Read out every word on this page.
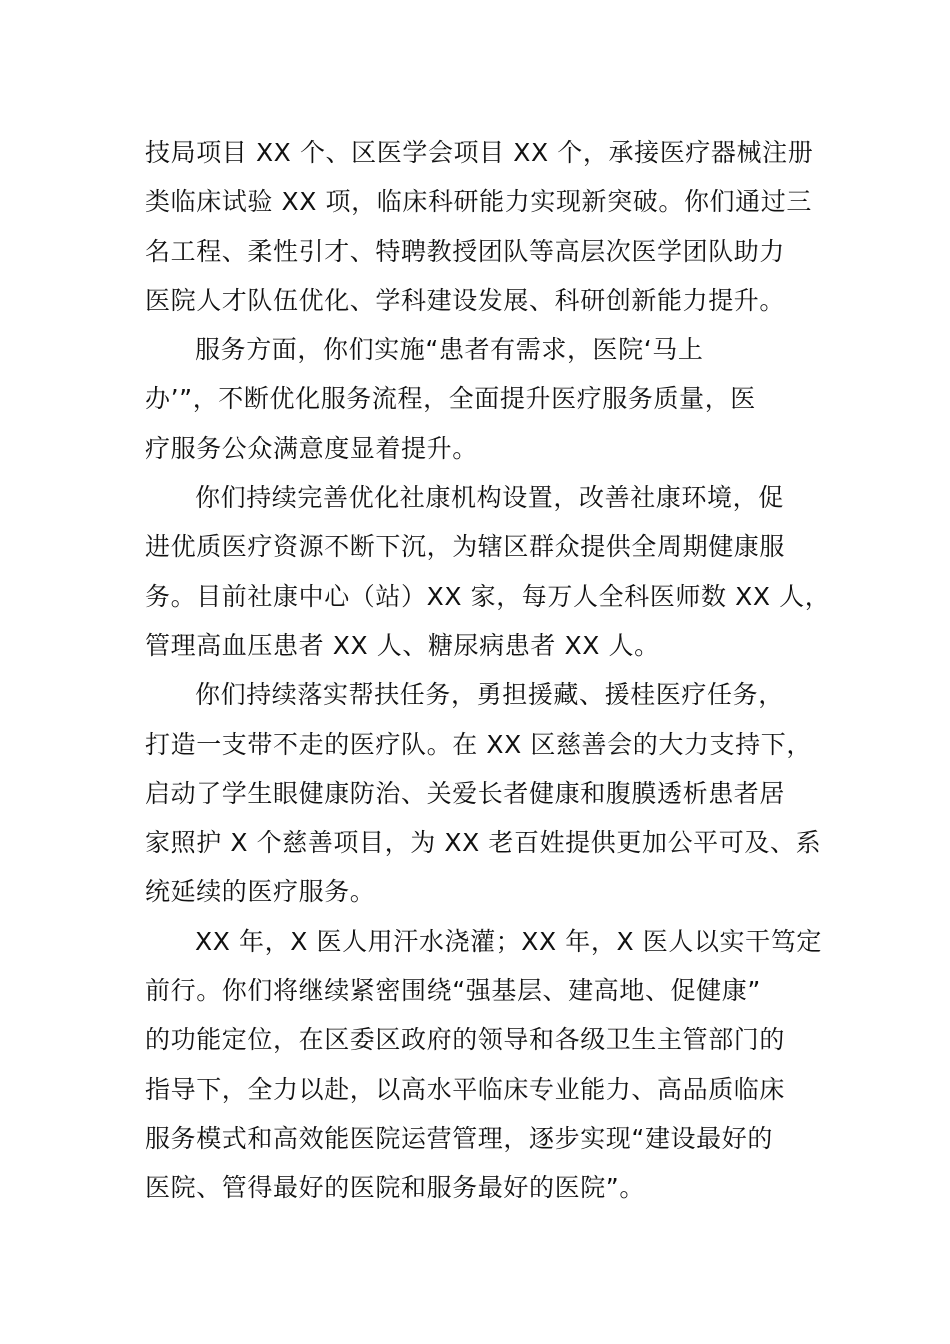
技局项目 XX 个、区医学会项目 XX 个，承接医疗器械注册
类临床试验 XX 项，临床科研能力实现新突破。你们通过三
名工程、柔性引才、特聘教授团队等高层次医学团队助力
医院人才队伍优化、学科建设发展、科研创新能力提升。
服务方面，你们实施“患者有需求，医院‘马上
办’”，不断优化服务流程，全面提升医疗服务质量，医
疗服务公众满意度显着提升。
你们持续完善优化社康机构设置，改善社康环境，促
进优质医疗资源不断下沉，为辖区群众提供全周期健康服
务。目前社康中心（站）XX 家，每万人全科医师数 XX 人，
管理高血压患者 XX 人、糖尿病患者 XX 人。
你们持续落实帮扶任务，勇担援藏、援桂医疗任务，
打造一支带不走的医疗队。在 XX 区慈善会的大力支持下，
启动了学生眼健康防治、关爱长者健康和腹膜透析患者居
家照护 X 个慈善项目，为 XX 老百姓提供更加公平可及、系
统延续的医疗服务。
XX 年，X 医人用汗水浇灌；XX 年，X 医人以实干笃定
前行。你们将继续紧密围绕“强基层、建高地、促健康”
的功能定位，在区委区政府的领导和各级卫生主管部门的
指导下，全力以赴，以高水平临床专业能力、高品质临床
服务模式和高效能医院运营管理，逐步实现“建设最好的
医院、管得最好的医院和服务最好的医院”。
